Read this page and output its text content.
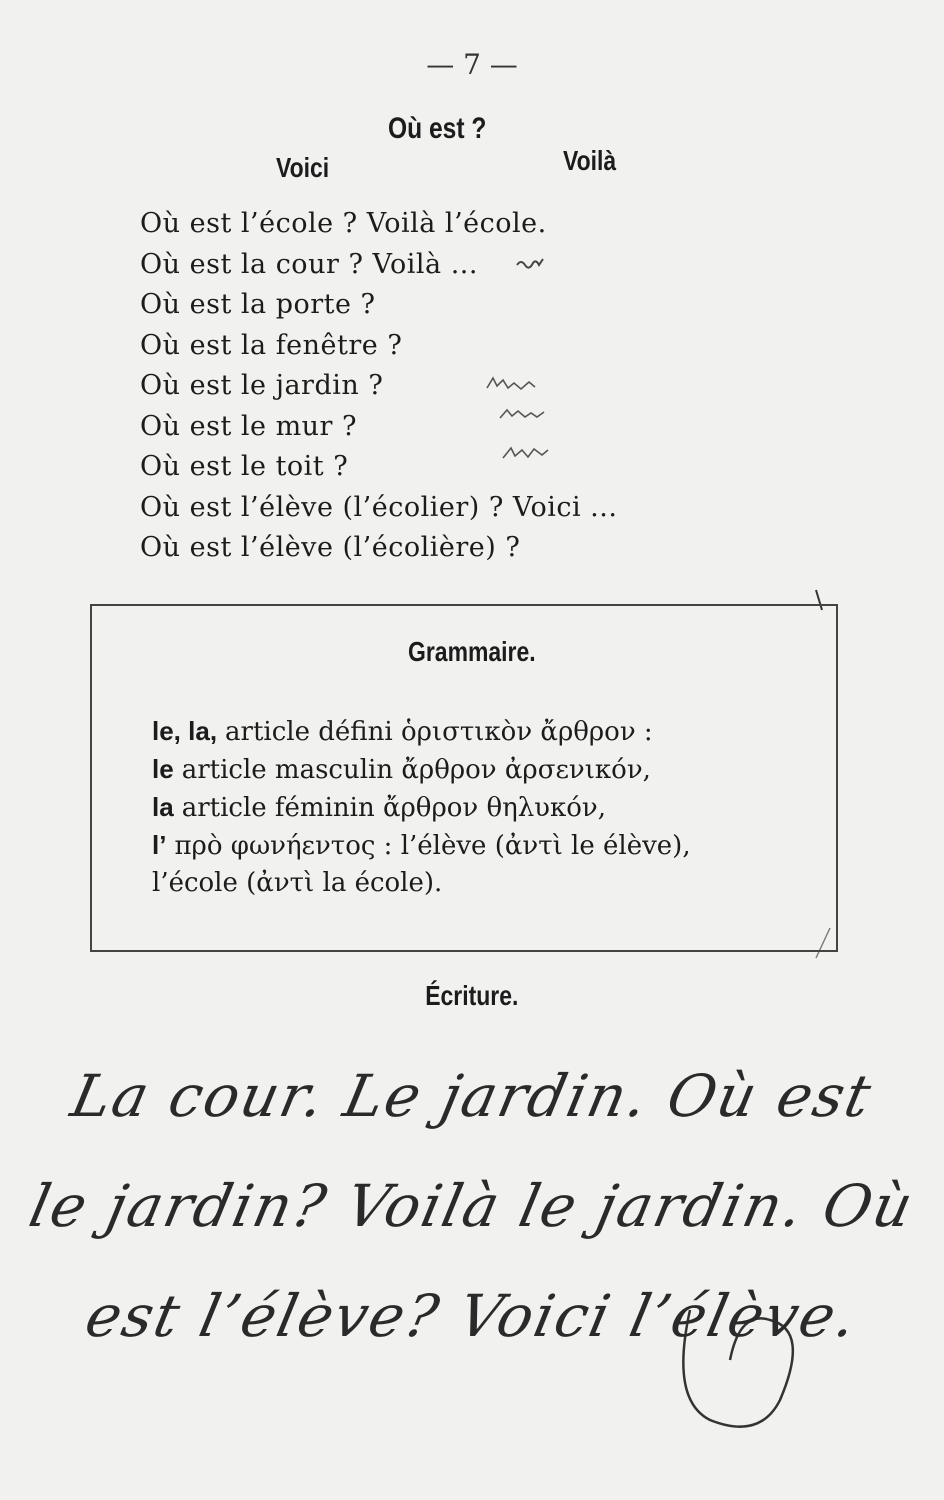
— 7 —
Où est ?
Voici	Voilà
Où est l’école ? Voilà l’école.
Où est la cour ? Voilà ...
Où est la porte ?
Où est la fenêtre ?
Où est le jardin ?
Où est le mur ?
Où est le toit ?
Où est l’élève (l’écolier) ? Voici ...
Où est l’élève (l’écolière) ?
Grammaire.
le, la, article défini ὁριστικὸν ἄρθρον :
le article masculin ἄρθρον ἀρσενικόν,
la article féminin ἄρθρον θηλυκόν,
l’ πρὸ φωνήεντος : l’élève (ἀντὶ le élève),
l’école (ἀντὶ la école).
Écriture.
La cour. Le jardin. Où est
le jardin? Voilà le jardin. Où
est l’élève? Voici l’élève.
